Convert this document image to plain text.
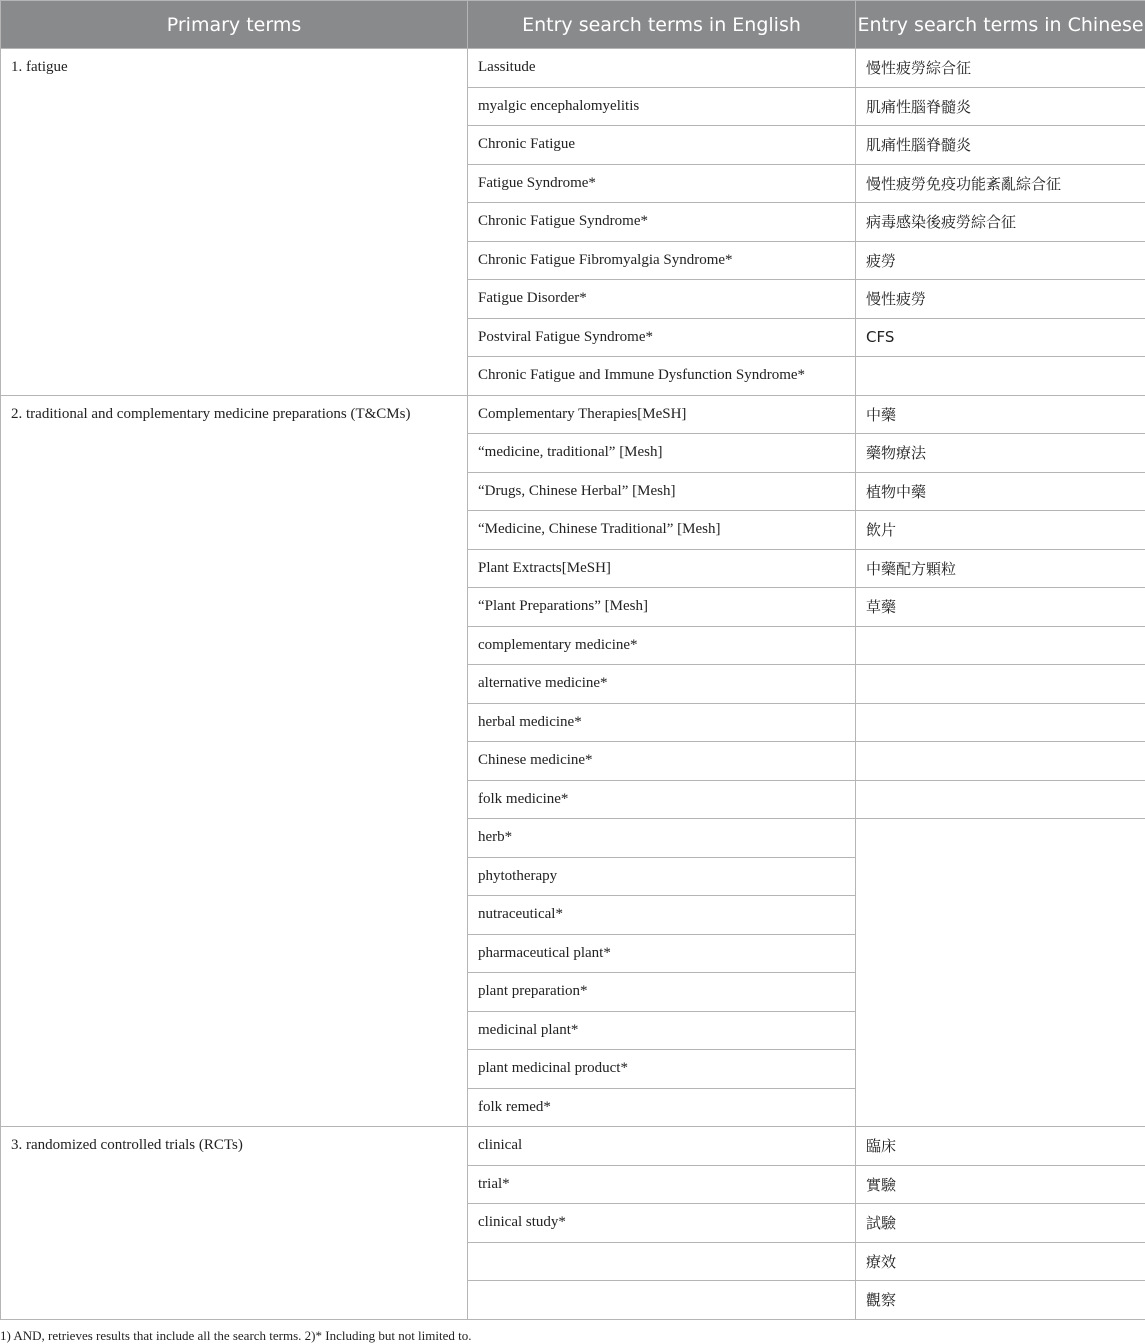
Primary terms	Entry search terms in English	Entry search terms in Chinese
1. fatigue	Lassitude	慢性疲勞綜合征
	myalgic encephalomyelitis	肌痛性腦脊髓炎
	Chronic Fatigue	肌痛性腦脊髓炎
	Fatigue Syndrome*	慢性疲勞免疫功能紊亂綜合征
	Chronic Fatigue Syndrome*	病毒感染後疲勞綜合征
	Chronic Fatigue Fibromyalgia Syndrome*	疲勞
	Fatigue Disorder*	慢性疲勞
	Postviral Fatigue Syndrome*	CFS
	Chronic Fatigue and Immune Dysfunction Syndrome*	
2. traditional and complementary medicine preparations (T&CMs)	Complementary Therapies[MeSH]	中藥
	“medicine, traditional” [Mesh]	藥物療法
	“Drugs, Chinese Herbal” [Mesh]	植物中藥
	“Medicine, Chinese Traditional” [Mesh]	飲片
	Plant Extracts[MeSH]	中藥配方顆粒
	“Plant Preparations” [Mesh]	草藥
	complementary medicine*	
	alternative medicine*	
	herbal medicine*	
	Chinese medicine*	
	folk medicine*	
	herb*	
	phytotherapy	
	nutraceutical*	
	pharmaceutical plant*	
	plant preparation*	
	medicinal plant*	
	plant medicinal product*	
	folk remed*	
3. randomized controlled trials (RCTs)	clinical	臨床
	trial*	實驗
	clinical study*	試驗
		療效
		觀察

1) AND, retrieves results that include all the search terms. 2)* Including but not limited to.
